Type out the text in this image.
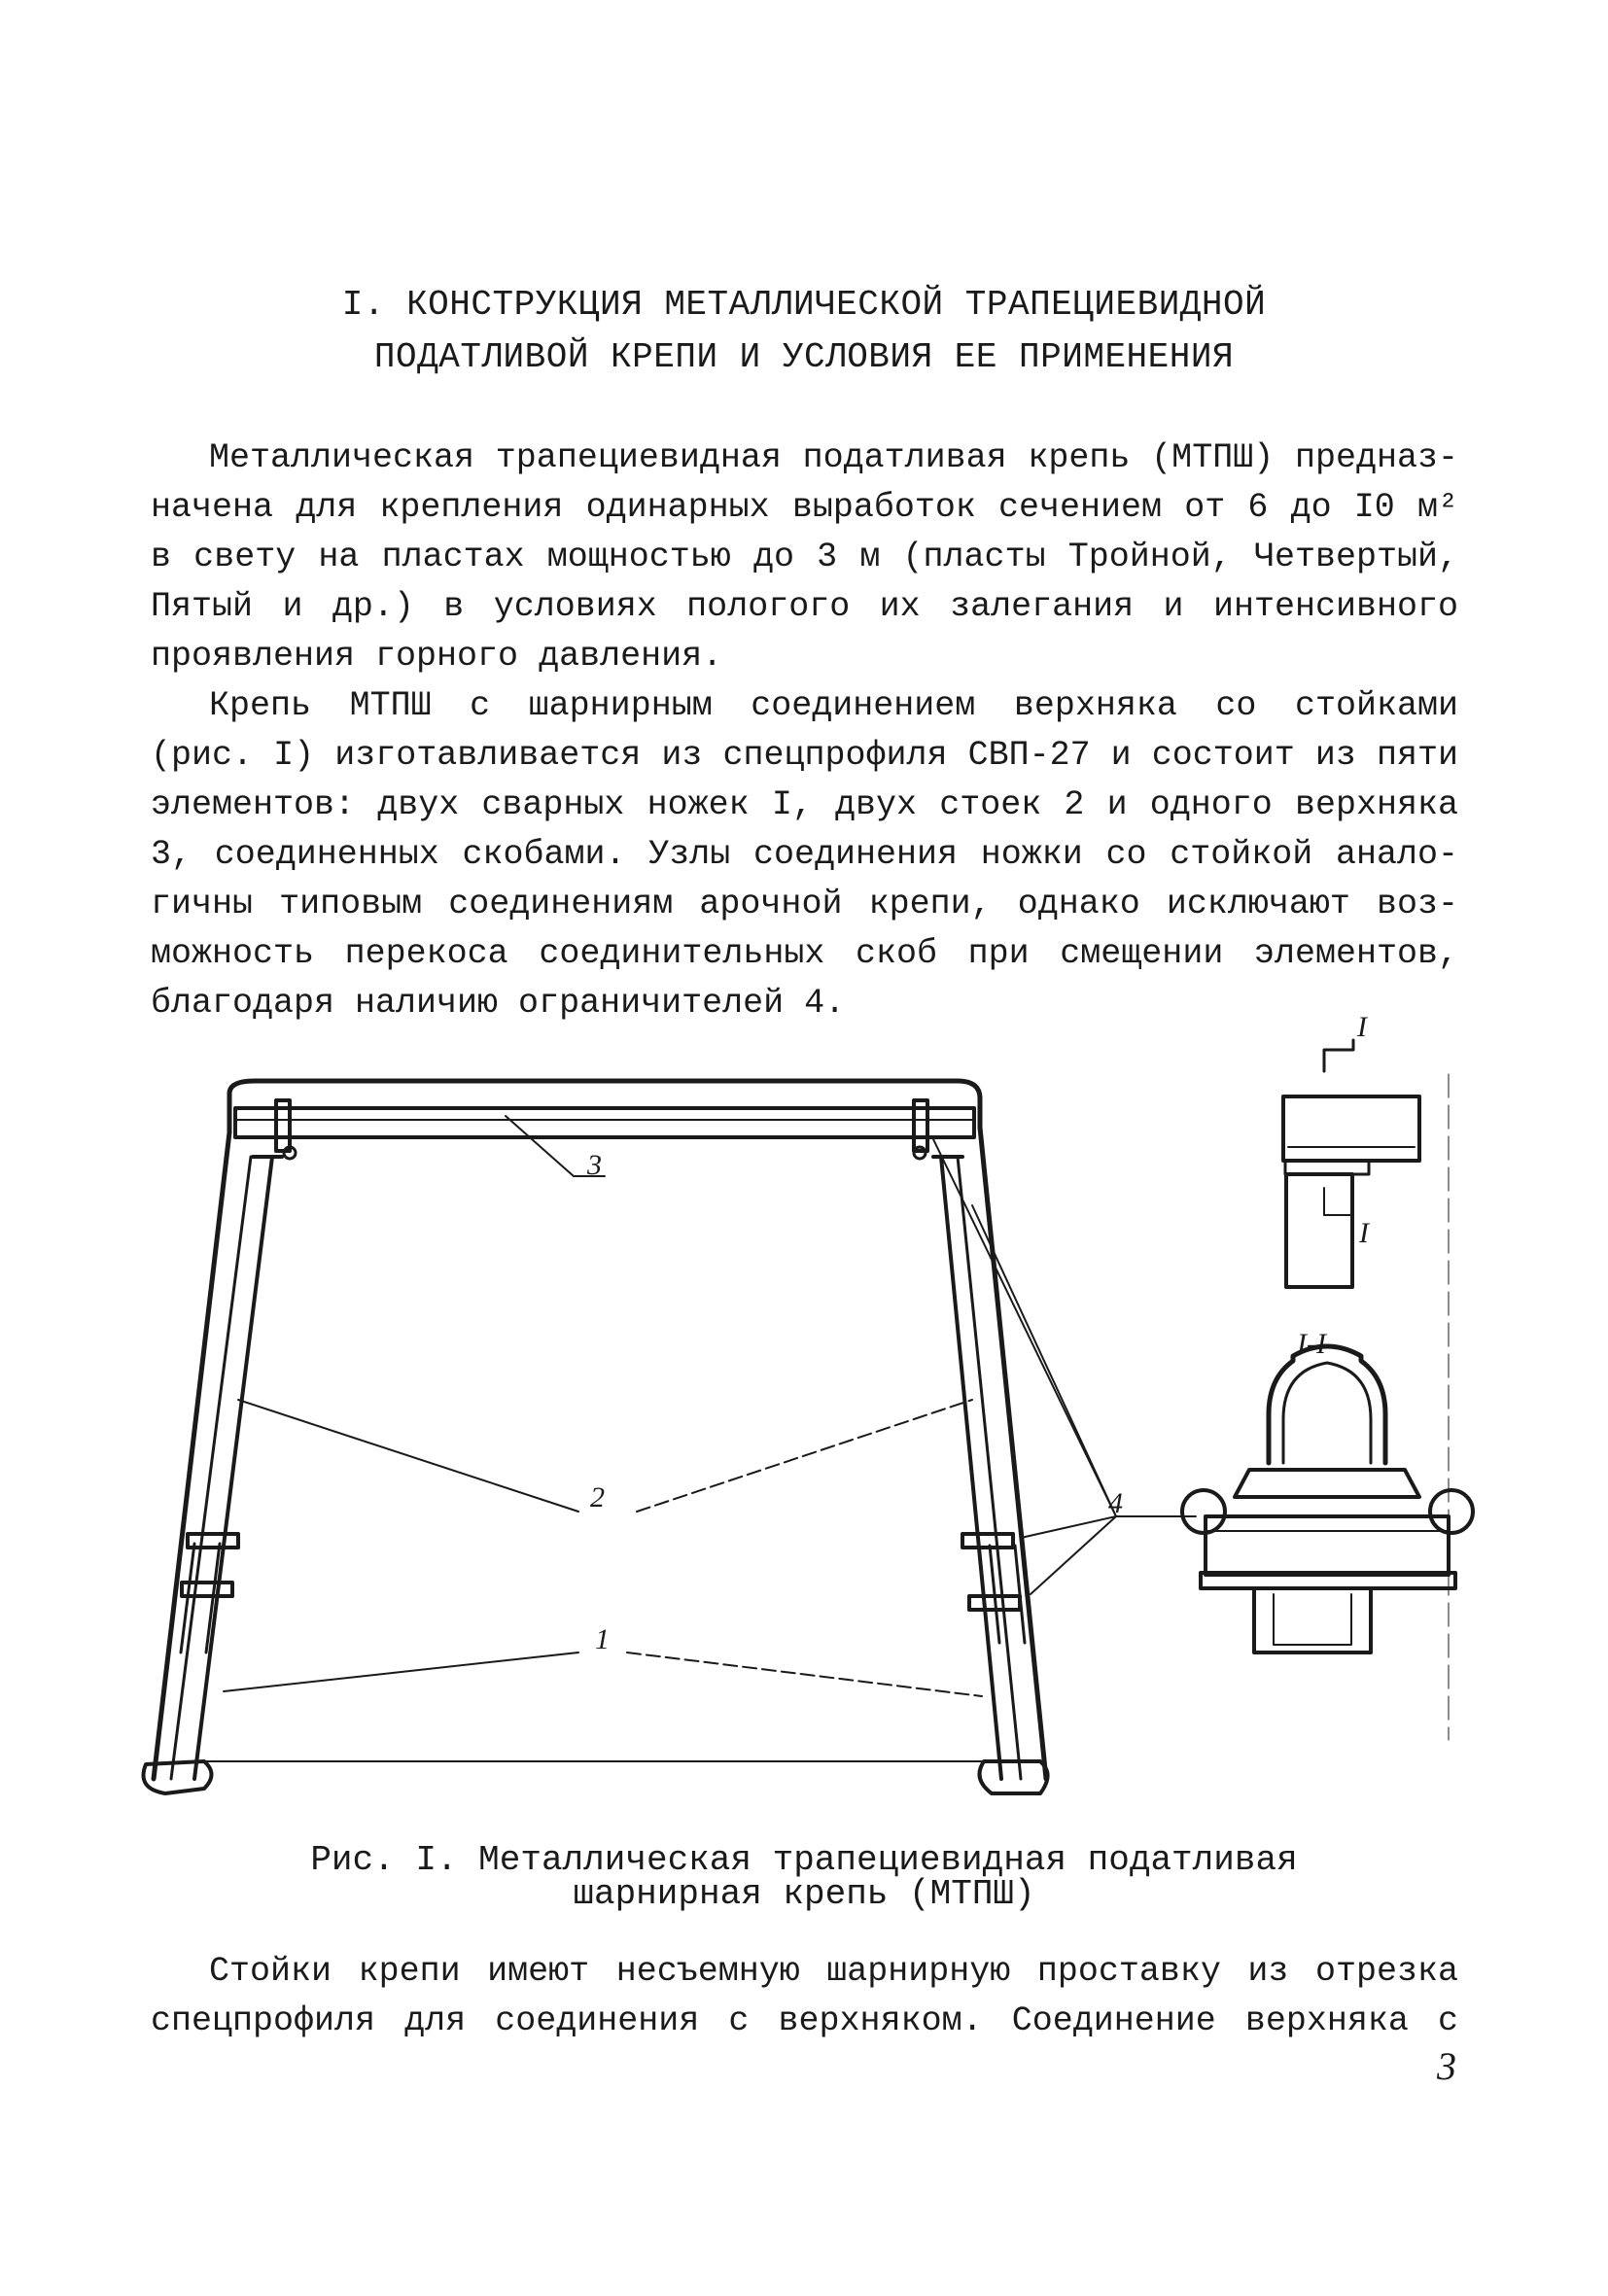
I. КОНСТРУКЦИЯ МЕТАЛЛИЧЕСКОЙ ТРАПЕЦИЕВИДНОЙ
ПОДАТЛИВОЙ КРЕПИ И УСЛОВИЯ ЕЕ ПРИМЕНЕНИЯ
Металлическая трапециевидная податливая крепь (МТПШ) предназ-
начена для крепления одинарных выработок сечением от 6 до I0 м²
в свету на пластах мощностью до 3 м (пласты Тройной, Четвертый,
Пятый и др.) в условиях пологого их залегания и интенсивного
проявления горного давления.
Крепь МТПШ с шарнирным соединением верхняка со стойками
(рис. I) изготавливается из спецпрофиля СВП-27 и состоит из пяти
элементов: двух сварных ножек I, двух стоек 2 и одного верхняка
3, соединенных скобами. Узлы соединения ножки со стойкой анало-
гичны типовым соединениям арочной крепи, однако исключают воз-
можность перекоса соединительных скоб при смещении элементов,
благодаря наличию ограничителей 4.
3
2
1
4
I-I
I
I
Рис. I. Металлическая трапециевидная податливая
шарнирная крепь (МТПШ)
Стойки крепи имеют несъемную шарнирную проставку из отрезка
спецпрофиля для соединения с верхняком. Соединение верхняка с
3
